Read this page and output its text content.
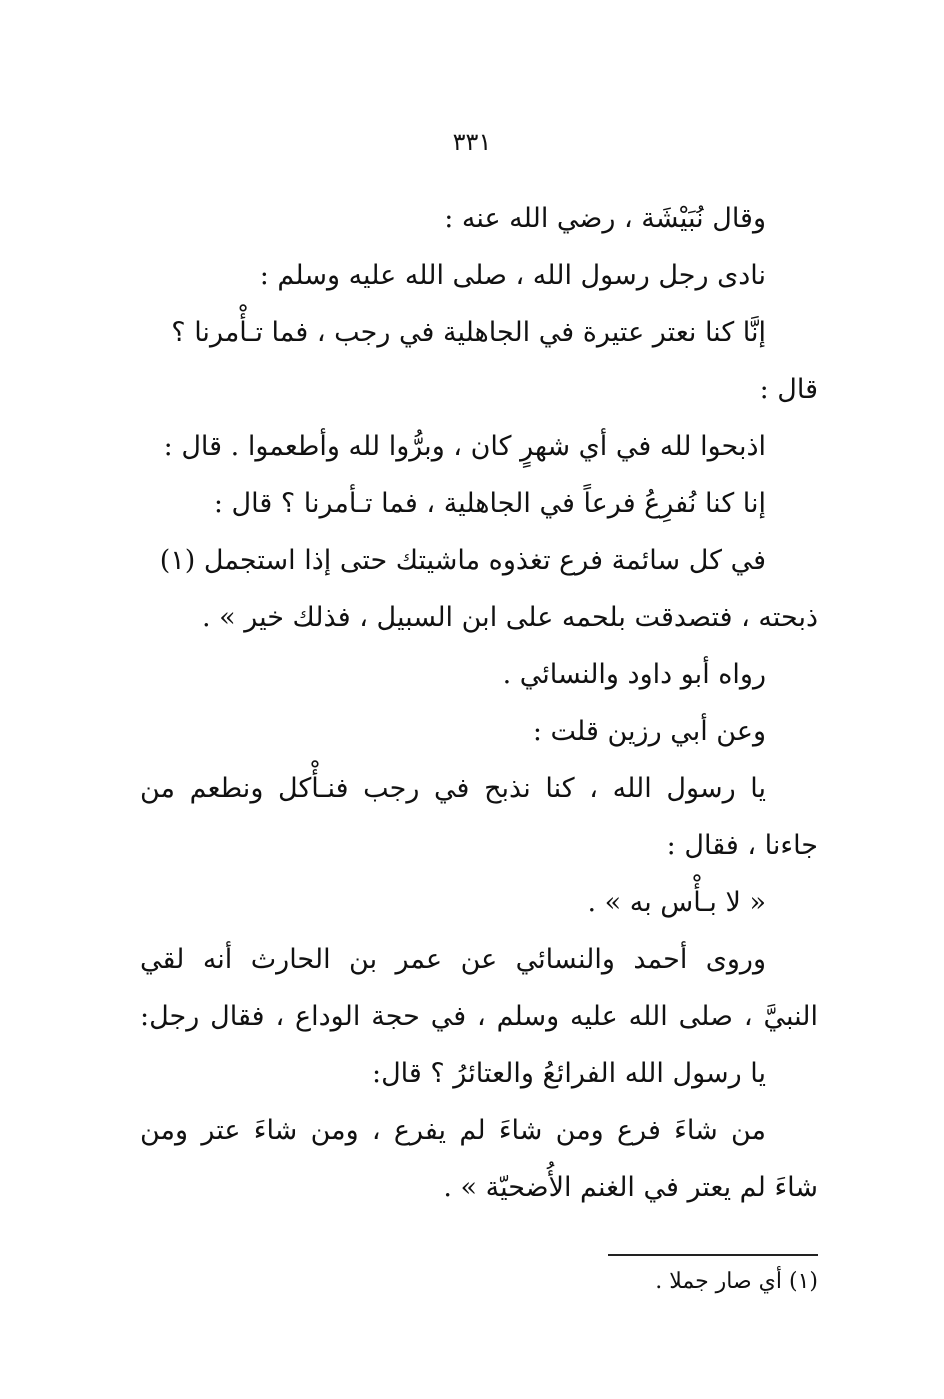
٣٣١
وقال نُبَيْشَة ، رضي الله عنه :
نادى رجل رسول الله ، صلى الله عليه وسلم :
إنَّا كنا نعتر عتيرة في الجاهلية في رجب ، فما تـأْمرنا ؟
قال :
اذبحوا لله في أي شهرٍ كان ، وبرُّوا لله وأطعموا . قال :
إنا كنا نُفرِعُ فرعاً في الجاهلية ، فما تـأمرنا ؟ قال :
في كل سائمة فرع تغذوه ماشيتك حتى إذا استجمل (١)
ذبحته ، فتصدقت بلحمه على ابن السبيل ، فذلك خير » .
رواه أبو داود والنسائي .
وعن أبي رزين قلت :
يا رسول الله ، كنا نذبح في رجب فنـأْكل ونطعم من
جاءنا ، فقال :
« لا بـأْس به » .
وروى أحمد والنسائي عن عمر بن الحارث أنه لقي
النبيَّ ، صلى الله عليه وسلم ، في حجة الوداع ، فقال رجل:
يا رسول الله الفرائعُ والعتائرُ ؟ قال:
من شاءَ فرع ومن شاءَ لم يفرع ، ومن شاءَ عتر ومن
شاءَ لم يعتر في الغنم الأُضحيّة » .
(١) أي صار جملا .
